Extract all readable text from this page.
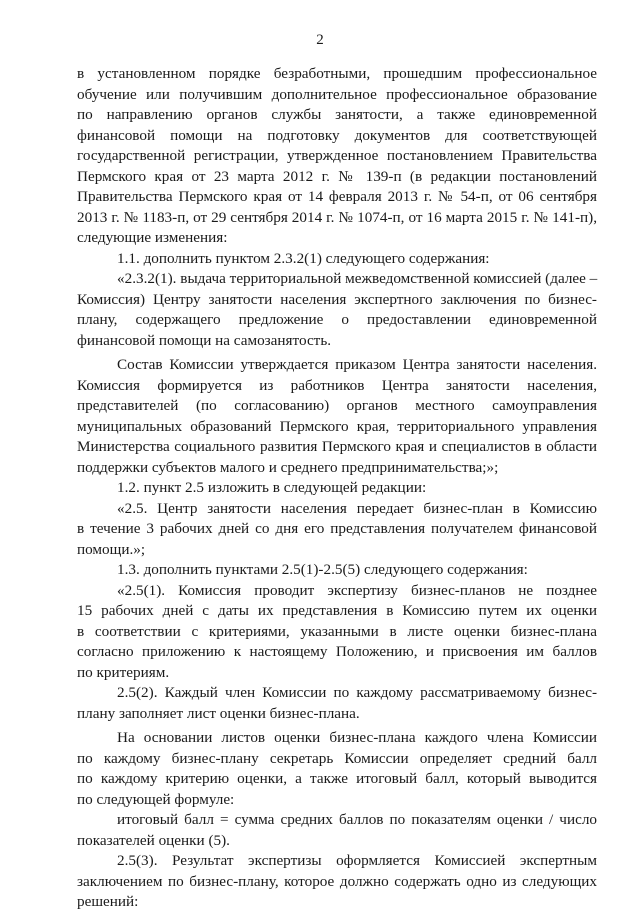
2
в установленном порядке безработными, прошедшим профессиональное
обучение или получившим дополнительное профессиональное образование
по направлению органов службы занятости, а также единовременной
финансовой помощи на подготовку документов для соответствующей
государственной регистрации, утвержденное постановлением Правительства
Пермского края от 23 марта 2012 г. № 139-п (в редакции постановлений
Правительства Пермского края от 14 февраля 2013 г. № 54-п, от 06 сентября
2013 г. № 1183-п, от 29 сентября 2014 г. № 1074-п, от 16 марта 2015 г. № 141-п),
следующие изменения:
1.1. дополнить пунктом 2.3.2(1) следующего содержания:
«2.3.2(1). выдача территориальной межведомственной комиссией (далее –
Комиссия) Центру занятости населения экспертного заключения по бизнес-
плану, содержащего предложение о предоставлении единовременной
финансовой помощи на самозанятость.
Состав Комиссии утверждается приказом Центра занятости населения.
Комиссия формируется из работников Центра занятости населения,
представителей (по согласованию) органов местного самоуправления
муниципальных образований Пермского края, территориального управления
Министерства социального развития Пермского края и специалистов в области
поддержки субъектов малого и среднего предпринимательства;»;
1.2. пункт 2.5 изложить в следующей редакции:
«2.5. Центр занятости населения передает бизнес-план в Комиссию
в течение 3 рабочих дней со дня его представления получателем финансовой
помощи.»;
1.3. дополнить пунктами 2.5(1)-2.5(5) следующего содержания:
«2.5(1). Комиссия проводит экспертизу бизнес-планов не позднее
15 рабочих дней с даты их представления в Комиссию путем их оценки
в соответствии с критериями, указанными в листе оценки бизнес-плана
согласно приложению к настоящему Положению, и присвоения им баллов
по критериям.
2.5(2). Каждый член Комиссии по каждому рассматриваемому бизнес-
плану заполняет лист оценки бизнес-плана.
На основании листов оценки бизнес-плана каждого члена Комиссии
по каждому бизнес-плану секретарь Комиссии определяет средний балл
по каждому критерию оценки, а также итоговый балл, который выводится
по следующей формуле:
итоговый балл = сумма средних баллов по показателям оценки / число
показателей оценки (5).
2.5(3). Результат экспертизы оформляется Комиссией экспертным
заключением по бизнес-плану, которое должно содержать одно из следующих
решений:
